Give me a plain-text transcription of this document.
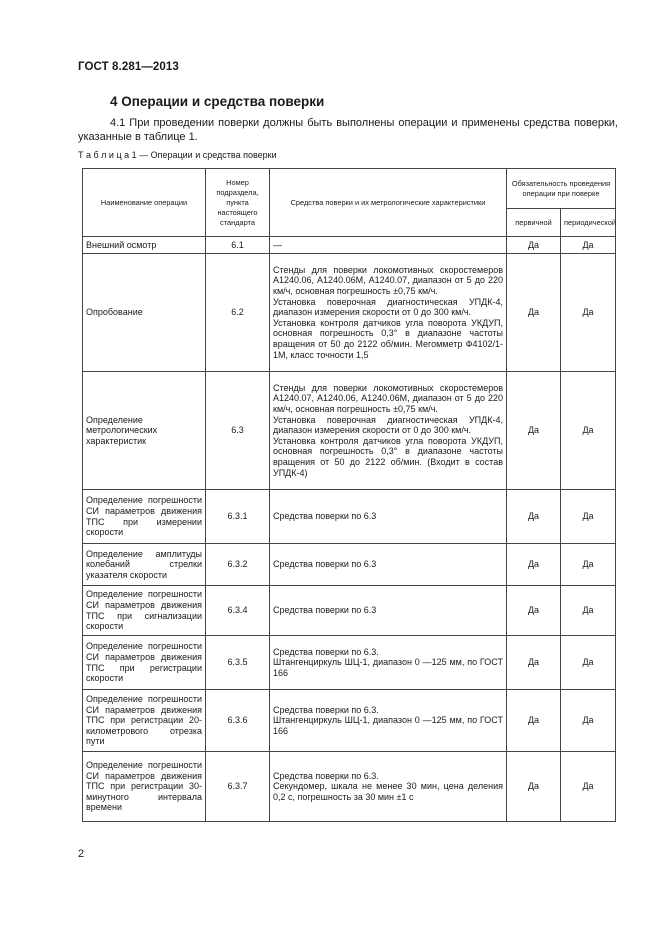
ГОСТ 8.281—2013
4 Операции и средства поверки
4.1 При проведении поверки должны быть выполнены операции и применены средства поверки, указанные в таблице 1.
Т а б л и ц а 1 — Операции и средства поверки
Наименование операции	Номер подраздела, пункта настоящего стандарта	Средства поверки и их метрологические характеристики	Обязательность проведения операции при поверке	
			первичной	периодической
Внешний осмотр	6.1	—	Да	Да
Опробование	6.2	Стенды для поверки локомотивных скоростемеров А1240.06, А1240.06М, А1240.07, диапазон от 5 до 220 км/ч, основная погрешность ±0,75 км/ч.
Установка поверочная диагностическая УПДК-4, диапазон измерения скорости от 0 до 300 км/ч.
Установка контроля датчиков угла поворота УКДУП, основная погрешность 0,3° в диапазоне частоты вращения от 50 до 2122 об/мин. Мегомметр Ф4102/1-1М, класс точности 1,5	Да	Да
Определение метрологических характеристик	6.3	Стенды для поверки локомотивных скоростемеров А1240.07, А1240.06, А1240.06М, диапазон от 5 до 220 км/ч, основная погрешность ±0,75 км/ч.
Установка поверочная диагностическая УПДК-4, диапазон измерения скорости от 0 до 300 км/ч.
Установка контроля датчиков угла поворота УКДУП, основная погрешность 0,3° в диапазоне частоты вращения от 50 до 2122 об/мин. (Входит в состав УПДК-4)	Да	Да
Определение погрешности СИ параметров движения ТПС при измерении скорости	6.3.1	Средства поверки по 6.3	Да	Да
Определение амплитуды колебаний стрелки указателя скорости	6.3.2	Средства поверки по 6.3	Да	Да
Определение погрешности СИ параметров движения ТПС при сигнализации скорости	6.3.4	Средства поверки по 6.3	Да	Да
Определение погрешности СИ параметров движения ТПС при регистрации скорости	6.3.5	Средства поверки по 6.3.
Штангенциркуль ШЦ-1, диапазон 0 —125 мм, по ГОСТ 166	Да	Да
Определение погрешности СИ параметров движения ТПС при регистрации 20-километрового отрезка пути	6.3.6	Средства поверки по 6.3.
Штангенциркуль ШЦ-1, диапазон 0 —125 мм, по ГОСТ 166	Да	Да
Определение погрешности СИ параметров движения ТПС при регистрации 30-минутного интервала времени	6.3.7	Средства поверки по 6.3.
Секундомер, шкала не менее 30 мин, цена деления 0,2 с, погрешность за 30 мин ±1 с	Да	Да
2
